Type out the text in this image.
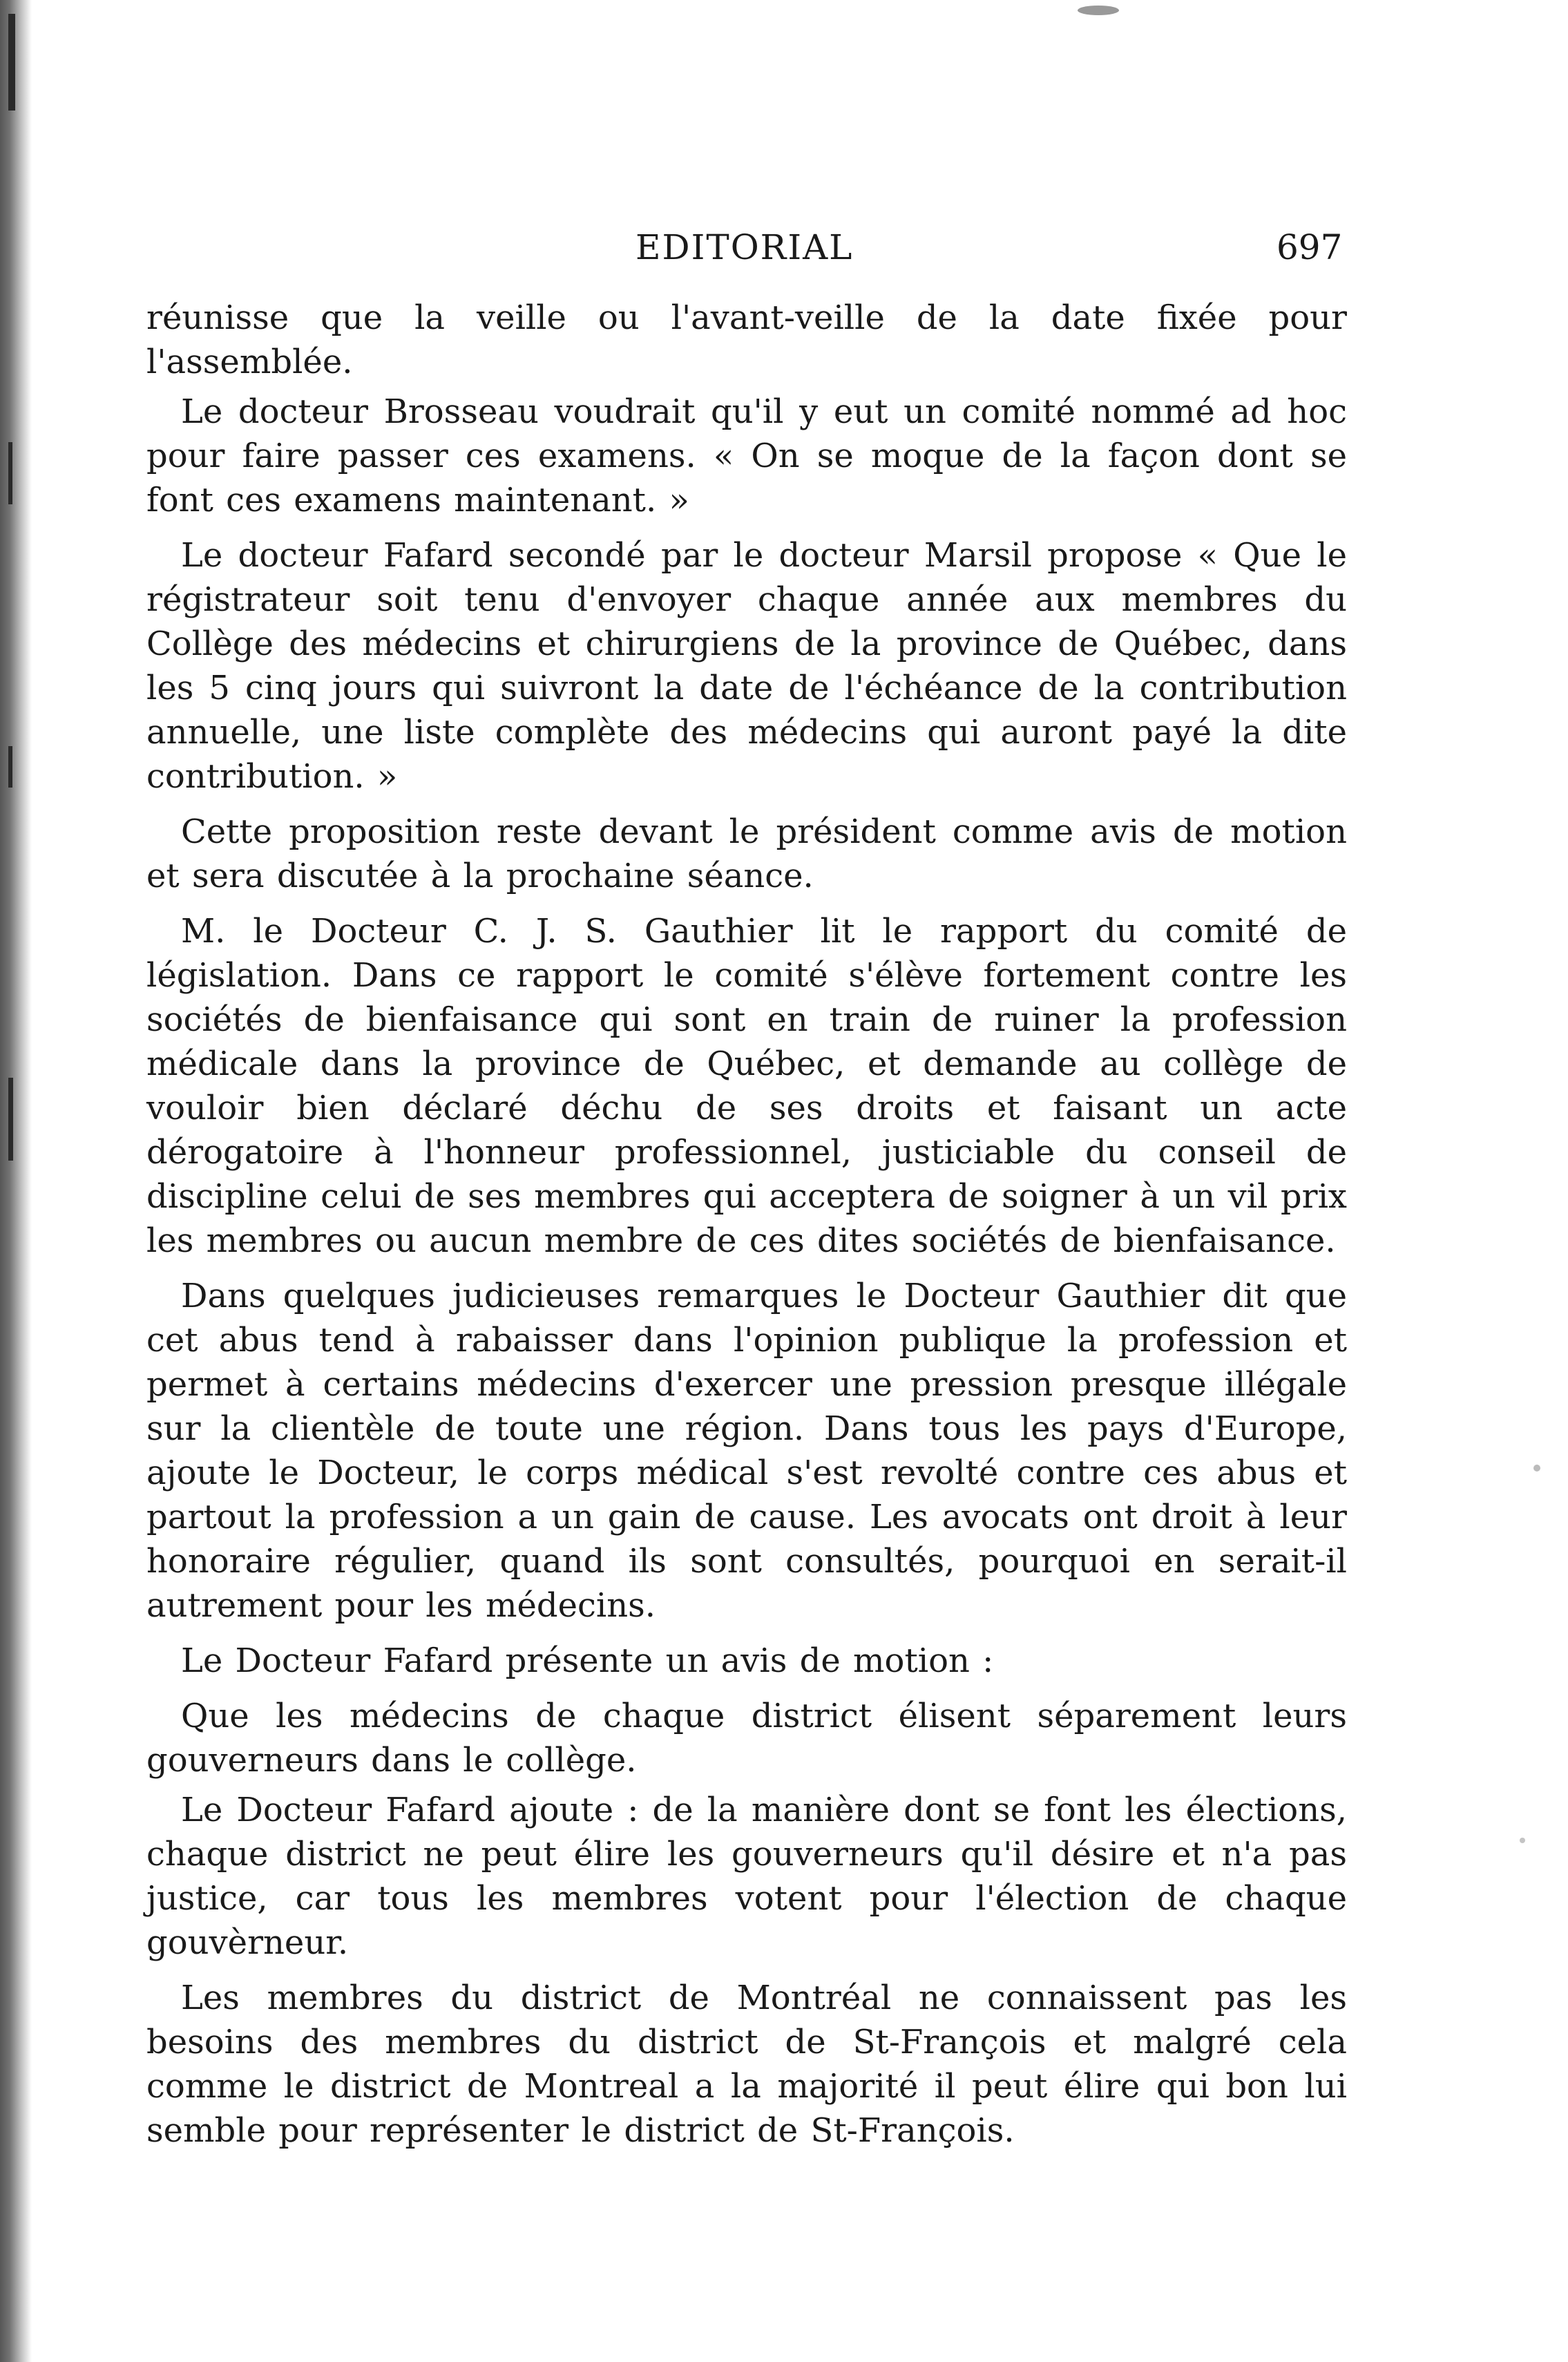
EDITORIAL	697

réunisse que la veille ou l'avant-veille de la date fixée pour l'assemblée.

Le docteur Brosseau voudrait qu'il y eut un comité nommé ad hoc pour faire passer ces examens. « On se moque de la façon dont se font ces examens maintenant. »

Le docteur Fafard secondé par le docteur Marsil propose « Que le régistrateur soit tenu d'envoyer chaque année aux membres du Collège des médecins et chirurgiens de la province de Québec, dans les 5 cinq jours qui suivront la date de l'échéance de la contribution annuelle, une liste complète des médecins qui auront payé la dite contribution. »

Cette proposition reste devant le président comme avis de motion et sera discutée à la prochaine séance.

M. le Docteur C. J. S. Gauthier lit le rapport du comité de législation. Dans ce rapport le comité s'élève fortement contre les sociétés de bienfaisance qui sont en train de ruiner la profession médicale dans la province de Québec, et demande au collège de vouloir bien déclaré déchu de ses droits et faisant un acte dérogatoire à l'honneur professionnel, justiciable du conseil de discipline celui de ses membres qui acceptera de soigner à un vil prix les membres ou aucun membre de ces dites sociétés de bienfaisance.

Dans quelques judicieuses remarques le Docteur Gauthier dit que cet abus tend à rabaisser dans l'opinion publique la profession et permet à certains médecins d'exercer une pression presque illégale sur la clientèle de toute une région. Dans tous les pays d'Europe, ajoute le Docteur, le corps médical s'est revolté contre ces abus et partout la profession a un gain de cause. Les avocats ont droit à leur honoraire régulier, quand ils sont consultés, pourquoi en serait-il autrement pour les médecins.

Le Docteur Fafard présente un avis de motion :

Que les médecins de chaque district élisent séparement leurs gouverneurs dans le collège.

Le Docteur Fafard ajoute : de la manière dont se font les élections, chaque district ne peut élire les gouverneurs qu'il désire et n'a pas justice, car tous les membres votent pour l'élection de chaque gouvèrneur.

Les membres du district de Montréal ne connaissent pas les besoins des membres du district de St-François et malgré cela comme le district de Montreal a la majorité il peut élire qui bon lui semble pour représenter le district de St-François.
